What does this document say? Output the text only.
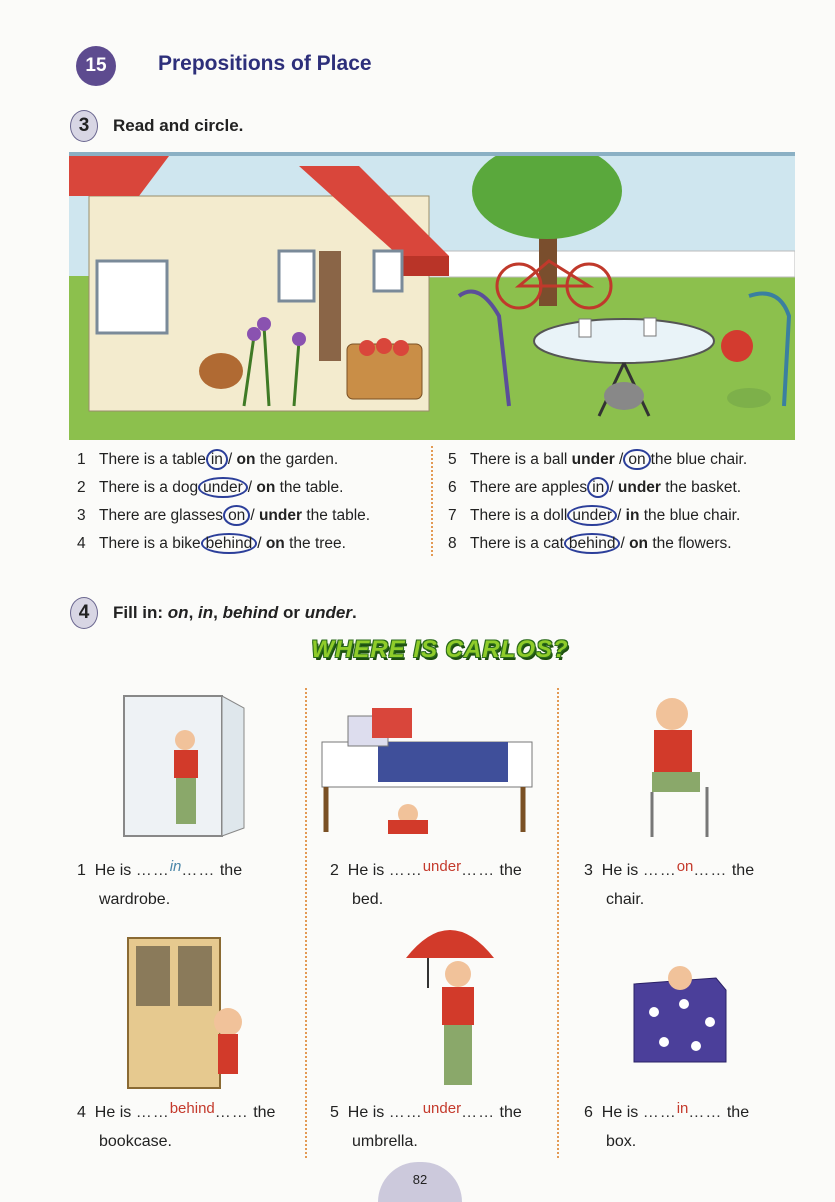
15	Prepositions of Place
3	Read and circle.
1 There is a table in / on the garden.
2 There is a dog under / on the table.
3 There are glasses on / under the table.
4 There is a bike behind / on the tree.
5 There is a ball under / on the blue chair.
6 There are apples in / under the basket.
7 There is a doll under / in the blue chair.
8 There is a cat behind / on the flowers.
4	Fill in: on, in, behind or under.
WHERE IS CARLOS?
1 He is ……in…… the
wardrobe.
2 He is ……under…… the
bed.
3 He is ……on…… the
chair.
4 He is ……behind…… the
bookcase.
5 He is ……under…… the
umbrella.
6 He is ……in…… the
box.
82
